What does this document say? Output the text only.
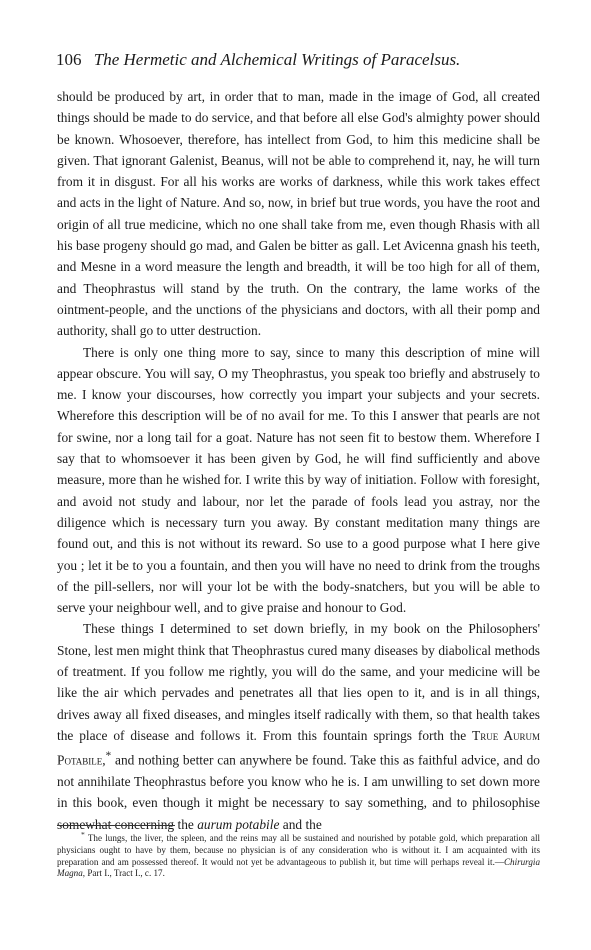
106 The Hermetic and Alchemical Writings of Paracelsus.

should be produced by art, in order that to man, made in the image of God, all created things should be made to do service, and that before all else God's almighty power should be known. Whosoever, therefore, has intellect from God, to him this medicine shall be given. That ignorant Galenist, Beanus, will not be able to comprehend it, nay, he will turn from it in disgust. For all his works are works of darkness, while this work takes effect and acts in the light of Nature. And so, now, in brief but true words, you have the root and origin of all true medicine, which no one shall take from me, even though Rhasis with all his base progeny should go mad, and Galen be bitter as gall. Let Avicenna gnash his teeth, and Mesne in a word measure the length and breadth, it will be too high for all of them, and Theophrastus will stand by the truth. On the contrary, the lame works of the ointment-people, and the unctions of the physicians and doctors, with all their pomp and authority, shall go to utter destruction.

There is only one thing more to say, since to many this description of mine will appear obscure. You will say, O my Theophrastus, you speak too briefly and abstrusely to me. I know your discourses, how correctly you impart your subjects and your secrets. Wherefore this description will be of no avail for me. To this I answer that pearls are not for swine, nor a long tail for a goat. Nature has not seen fit to bestow them. Wherefore I say that to whomsoever it has been given by God, he will find sufficiently and above measure, more than he wished for. I write this by way of initiation. Follow with foresight, and avoid not study and labour, nor let the parade of fools lead you astray, nor the diligence which is necessary turn you away. By constant meditation many things are found out, and this is not without its reward. So use to a good purpose what I here give you ; let it be to you a fountain, and then you will have no need to drink from the troughs of the pill-sellers, nor will your lot be with the body-snatchers, but you will be able to serve your neighbour well, and to give praise and honour to God.

These things I determined to set down briefly, in my book on the Philosophers' Stone, lest men might think that Theophrastus cured many diseases by diabolical methods of treatment. If you follow me rightly, you will do the same, and your medicine will be like the air which pervades and penetrates all that lies open to it, and is in all things, drives away all fixed diseases, and mingles itself radically with them, so that health takes the place of disease and follows it. From this fountain springs forth the True Aurum Potabile,* and nothing better can anywhere be found. Take this as faithful advice, and do not annihilate Theophrastus before you know who he is. I am unwilling to set down more in this book, even though it might be necessary to say something, and to philosophise somewhat concerning the aurum potabile and the

* The lungs, the liver, the spleen, and the reins may all be sustained and nourished by potable gold, which preparation all physicians ought to have by them, because no physician is of any consideration who is without it. I am acquainted with its preparation and am possessed thereof. It would not yet be advantageous to publish it, but time will perhaps reveal it.—Chirurgia Magna, Part I., Tract I., c. 17.
